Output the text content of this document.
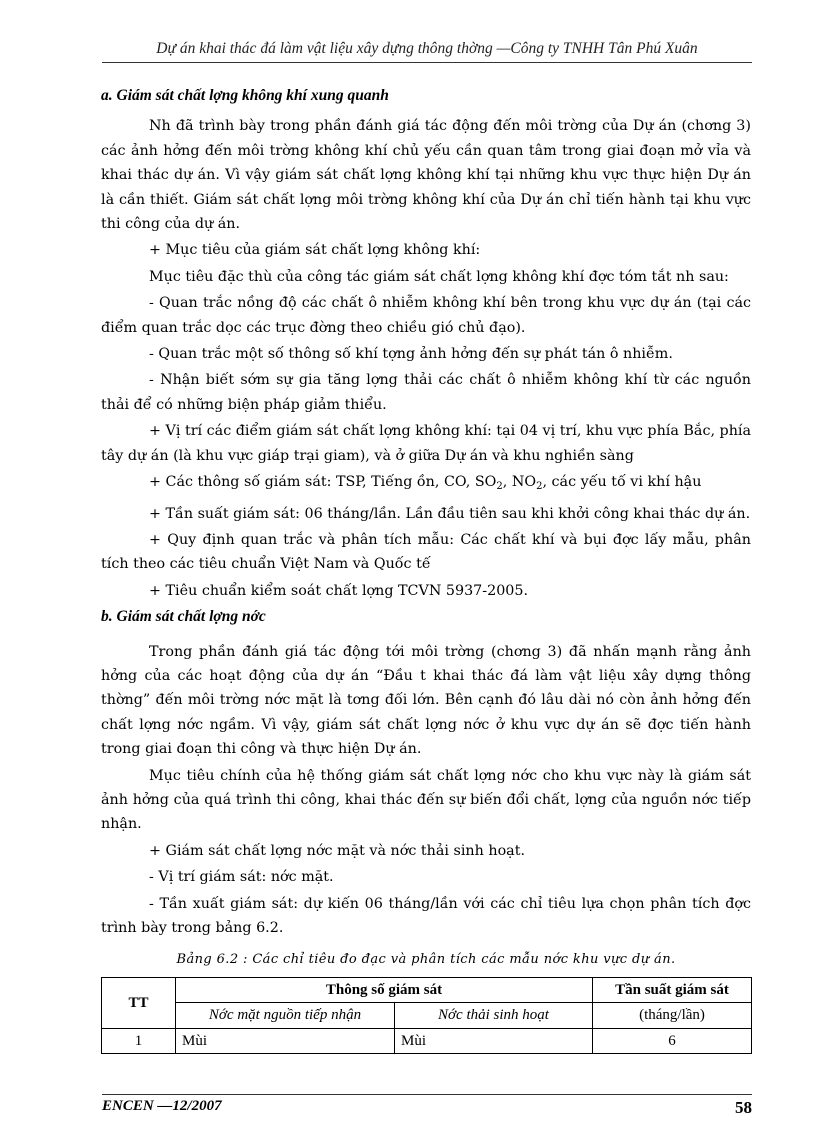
Dự án khai thác đá làm vật liệu xây dựng thông thờng —Công ty TNHH Tân Phú Xuân

a. Giám sát chất lợng không khí xung quanh

Nh đã trình bày trong phần đánh giá tác động đến môi trờng của Dự án (chơng 3) các ảnh hởng đến môi trờng không khí chủ yếu cần quan tâm trong giai đoạn mở vỉa và khai thác dự án. Vì vậy giám sát chất lợng không khí tại những khu vực thực hiện Dự án là cần thiết. Giám sát chất lợng môi trờng không khí của Dự án chỉ tiến hành tại khu vực thi công của dự án.

+ Mục tiêu của giám sát chất lợng không khí:

Mục tiêu đặc thù của công tác giám sát chất lợng không khí đợc tóm tắt nh sau:

- Quan trắc nồng độ các chất ô nhiễm không khí bên trong khu vực dự án (tại các điểm quan trắc dọc các trục đờng theo chiều gió chủ đạo).

- Quan trắc một số thông số khí tợng ảnh hởng đến sự phát tán ô nhiễm.

- Nhận biết sớm sự gia tăng lợng thải các chất ô nhiễm không khí từ các nguồn thải để có những biện pháp giảm thiểu.

+ Vị trí các điểm giám sát chất lợng không khí: tại 04 vị trí, khu vực phía Bắc, phía tây dự án (là khu vực giáp trại giam), và ở giữa Dự án và khu nghiền sàng

+ Các thông số giám sát: TSP, Tiếng ồn, CO, $SO_2$, $NO_2$, các yếu tố vi khí hậu

+ Tần suất giám sát: 06 tháng/lần. Lần đầu tiên sau khi khởi công khai thác dự án.

+ Quy định quan trắc và phân tích mẫu: Các chất khí và bụi đợc lấy mẫu, phân tích theo các tiêu chuẩn Việt Nam và Quốc tế

+ Tiêu chuẩn kiểm soát chất lợng TCVN 5937-2005.

b. Giám sát chất lợng nớc

Trong phần đánh giá tác động tới môi trờng (chơng 3) đã nhấn mạnh rằng ảnh hởng của các hoạt động của dự án “Đầu t khai thác đá làm vật liệu xây dựng thông thờng” đến môi trờng nớc mặt là tơng đối lớn. Bên cạnh đó lâu dài nó còn ảnh hởng đến chất lợng nớc ngầm. Vì vậy, giám sát chất lợng nớc ở khu vực dự án sẽ đợc tiến hành trong giai đoạn thi công và thực hiện Dự án.

Mục tiêu chính của hệ thống giám sát chất lợng nớc cho khu vực này là giám sát ảnh hởng của quá trình thi công, khai thác đến sự biến đổi chất, lợng của nguồn nớc tiếp nhận.

+ Giám sát chất lợng nớc mặt và nớc thải sinh hoạt.

- Vị trí giám sát: nớc mặt.

- Tần xuất giám sát: dự kiến 06 tháng/lần với các chỉ tiêu lựa chọn phân tích đợc trình bày trong bảng 6.2.

Bảng 6.2 : Các chỉ tiêu đo đạc và phân tích các mẫu nớc khu vực dự án.

TT	Thông số giám sát		Tần suất giám sát
	Nớc mặt nguồn tiếp nhận	Nớc thải sinh hoạt	(tháng/lần)
1	Mùi	Mùi	6
ENCEN —12/2007	58
